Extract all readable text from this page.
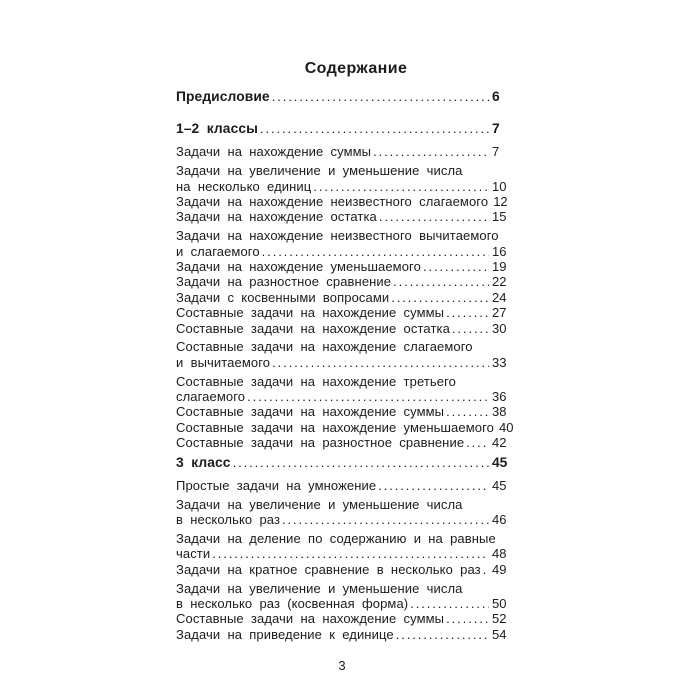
Содержание
Предисловие .....	6
1–2 классы .....	7
Задачи на нахождение суммы .....	7
Задачи на увеличение и уменьшение числа
на несколько единиц .....	10
Задачи на нахождение неизвестного слагаемого 12
Задачи на нахождение остатка .....	15
Задачи на нахождение неизвестного вычитаемого
и слагаемого .....	16
Задачи на нахождение уменьшаемого .....	19
Задачи на разностное сравнение .....	22
Задачи с косвенными вопросами .....	24
Составные задачи на нахождение суммы .....	27
Составные задачи на нахождение остатка .....	30
Составные задачи на нахождение слагаемого
и вычитаемого .....	33
Составные задачи на нахождение третьего
слагаемого .....	36
Составные задачи на нахождение суммы .....	38
Составные задачи на нахождение уменьшаемого 40
Составные задачи на разностное сравнение ..... 42
3 класс .....	45
Простые задачи на умножение .....	45
Задачи на увеличение и уменьшение числа
в несколько раз .....	46
Задачи на деление по содержанию и на равные
части .....	48
Задачи на кратное сравнение в несколько раз ..... 49
Задачи на увеличение и уменьшение числа
в несколько раз (косвенная форма) .....	50
Составные задачи на нахождение суммы .....	52
Задачи на приведение к единице .....	54
3
